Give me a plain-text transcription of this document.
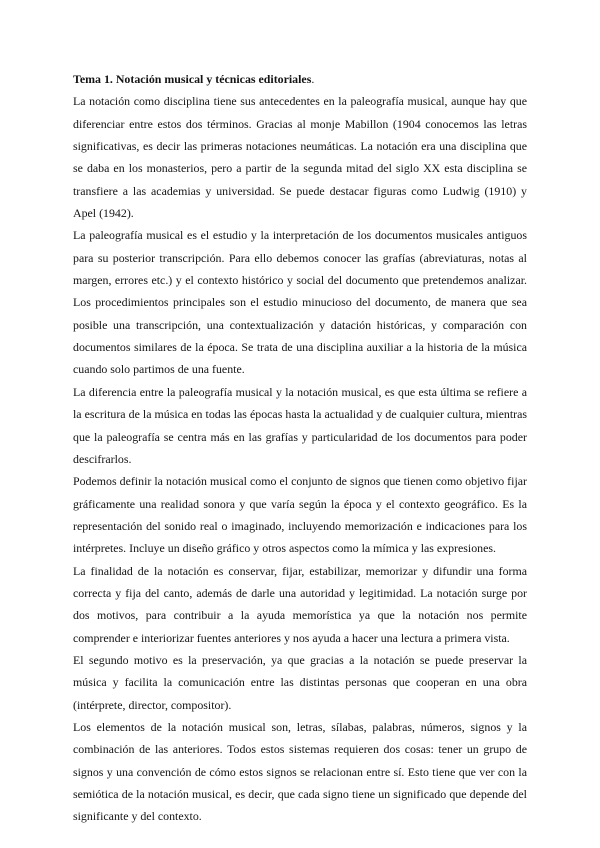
Tema 1. Notación musical y técnicas editoriales.

La notación como disciplina tiene sus antecedentes en la paleografía musical, aunque hay que diferenciar entre estos dos términos. Gracias al monje Mabillon (1904 conocemos las letras significativas, es decir las primeras notaciones neumáticas. La notación era una disciplina que se daba en los monasterios, pero a partir de la segunda mitad del siglo XX esta disciplina se transfiere a las academias y universidad. Se puede destacar figuras como Ludwig (1910) y Apel (1942).

La paleografía musical es el estudio y la interpretación de los documentos musicales antiguos para su posterior transcripción. Para ello debemos conocer las grafías (abreviaturas, notas al margen, errores etc.) y el contexto histórico y social del documento que pretendemos analizar. Los procedimientos principales son el estudio minucioso del documento, de manera que sea posible una transcripción, una contextualización y datación históricas, y comparación con documentos similares de la época. Se trata de una disciplina auxiliar a la historia de la música cuando solo partimos de una fuente.

La diferencia entre la paleografía musical y la notación musical, es que esta última se refiere a la escritura de la música en todas las épocas hasta la actualidad y de cualquier cultura, mientras que la paleografía se centra más en las grafías y particularidad de los documentos para poder descifrarlos.

Podemos definir la notación musical como el conjunto de signos que tienen como objetivo fijar gráficamente una realidad sonora y que varía según la época y el contexto geográfico. Es la representación del sonido real o imaginado, incluyendo memorización e indicaciones para los intérpretes. Incluye un diseño gráfico y otros aspectos como la mímica y las expresiones.

La finalidad de la notación es conservar, fijar, estabilizar, memorizar y difundir una forma correcta y fija del canto, además de darle una autoridad y legitimidad. La notación surge por dos motivos, para contribuir a la ayuda memorística ya que la notación nos permite comprender e interiorizar fuentes anteriores y nos ayuda a hacer una lectura a primera vista.

El segundo motivo es la preservación, ya que gracias a la notación se puede preservar la música y facilita la comunicación entre las distintas personas que cooperan en una obra (intérprete, director, compositor).

Los elementos de la notación musical son, letras, sílabas, palabras, números, signos y la combinación de las anteriores. Todos estos sistemas requieren dos cosas: tener un grupo de signos y una convención de cómo estos signos se relacionan entre sí. Esto tiene que ver con la semiótica de la notación musical, es decir, que cada signo tiene un significado que depende del significante y del contexto.
